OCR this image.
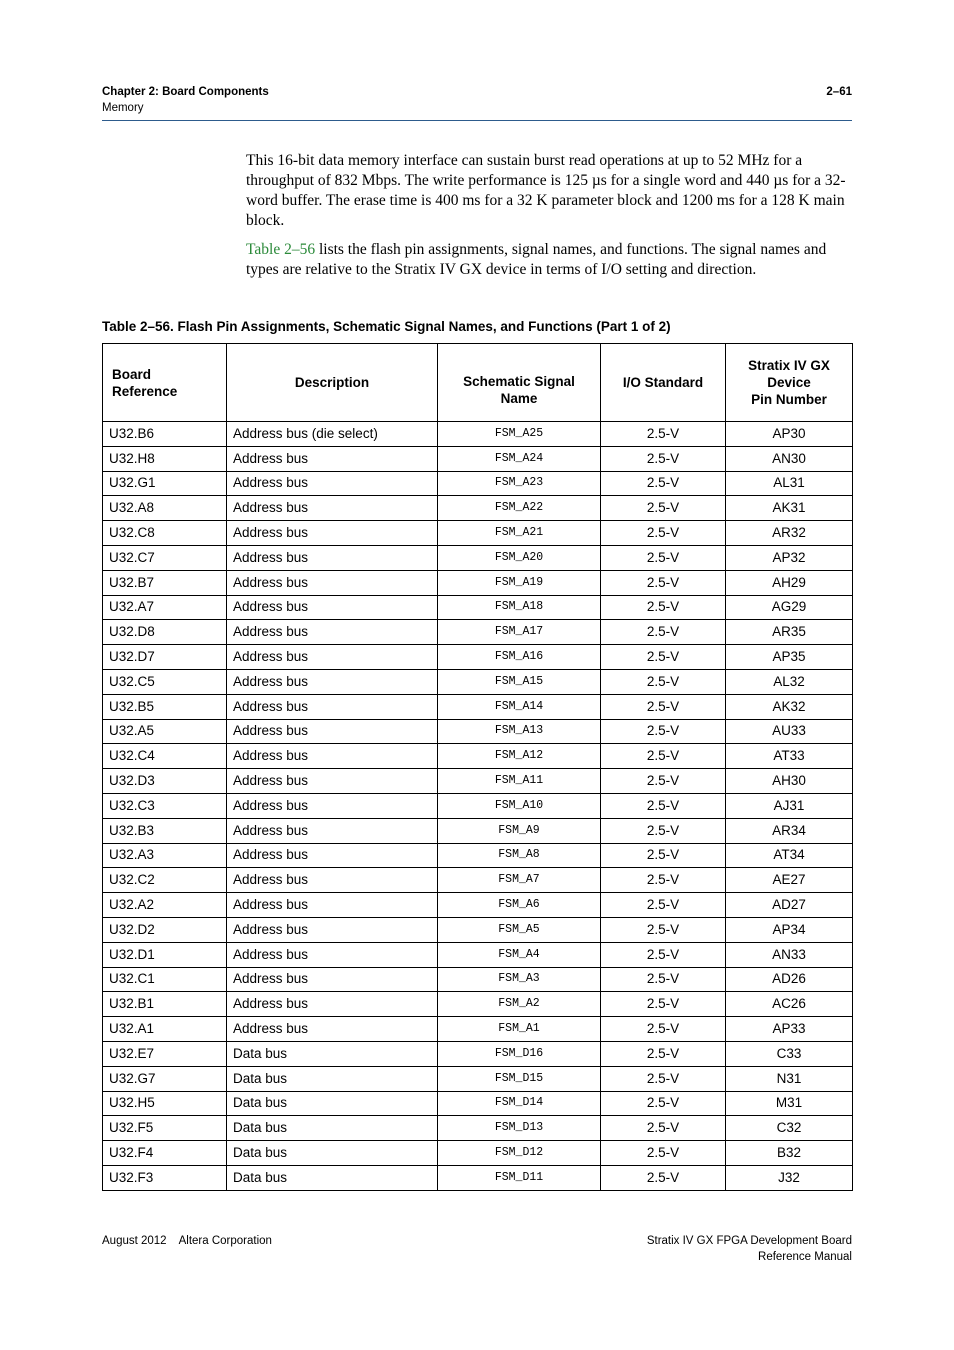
Chapter 2: Board Components
Memory
2–61
This 16-bit data memory interface can sustain burst read operations at up to 52 MHz for a throughput of 832 Mbps. The write performance is 125 µs for a single word and 440 µs for a 32-word buffer. The erase time is 400 ms for a 32 K parameter block and 1200 ms for a 128 K main block.
Table 2–56 lists the flash pin assignments, signal names, and functions. The signal names and types are relative to the Stratix IV GX device in terms of I/O setting and direction.
Table 2–56. Flash Pin Assignments, Schematic Signal Names, and Functions (Part 1 of 2)
Board Reference	Description	Schematic Signal Name	I/O Standard	Stratix IV GX
Device
Pin Number

U32.B6	Address bus (die select)	FSM_A25	2.5-V	AP30
U32.H8	Address bus	FSM_A24	2.5-V	AN30
U32.G1	Address bus	FSM_A23	2.5-V	AL31
U32.A8	Address bus	FSM_A22	2.5-V	AK31
U32.C8	Address bus	FSM_A21	2.5-V	AR32
U32.C7	Address bus	FSM_A20	2.5-V	AP32
U32.B7	Address bus	FSM_A19	2.5-V	AH29
U32.A7	Address bus	FSM_A18	2.5-V	AG29
U32.D8	Address bus	FSM_A17	2.5-V	AR35
U32.D7	Address bus	FSM_A16	2.5-V	AP35
U32.C5	Address bus	FSM_A15	2.5-V	AL32
U32.B5	Address bus	FSM_A14	2.5-V	AK32
U32.A5	Address bus	FSM_A13	2.5-V	AU33
U32.C4	Address bus	FSM_A12	2.5-V	AT33
U32.D3	Address bus	FSM_A11	2.5-V	AH30
U32.C3	Address bus	FSM_A10	2.5-V	AJ31
U32.B3	Address bus	FSM_A9	2.5-V	AR34
U32.A3	Address bus	FSM_A8	2.5-V	AT34
U32.C2	Address bus	FSM_A7	2.5-V	AE27
U32.A2	Address bus	FSM_A6	2.5-V	AD27
U32.D2	Address bus	FSM_A5	2.5-V	AP34
U32.D1	Address bus	FSM_A4	2.5-V	AN33
U32.C1	Address bus	FSM_A3	2.5-V	AD26
U32.B1	Address bus	FSM_A2	2.5-V	AC26
U32.A1	Address bus	FSM_A1	2.5-V	AP33
U32.E7	Data bus	FSM_D16	2.5-V	C33
U32.G7	Data bus	FSM_D15	2.5-V	N31
U32.H5	Data bus	FSM_D14	2.5-V	M31
U32.F5	Data bus	FSM_D13	2.5-V	C32
U32.F4	Data bus	FSM_D12	2.5-V	B32
U32.F3	Data bus	FSM_D11	2.5-V	J32
August 2012 Altera Corporation	Stratix IV GX FPGA Development Board
Reference Manual
